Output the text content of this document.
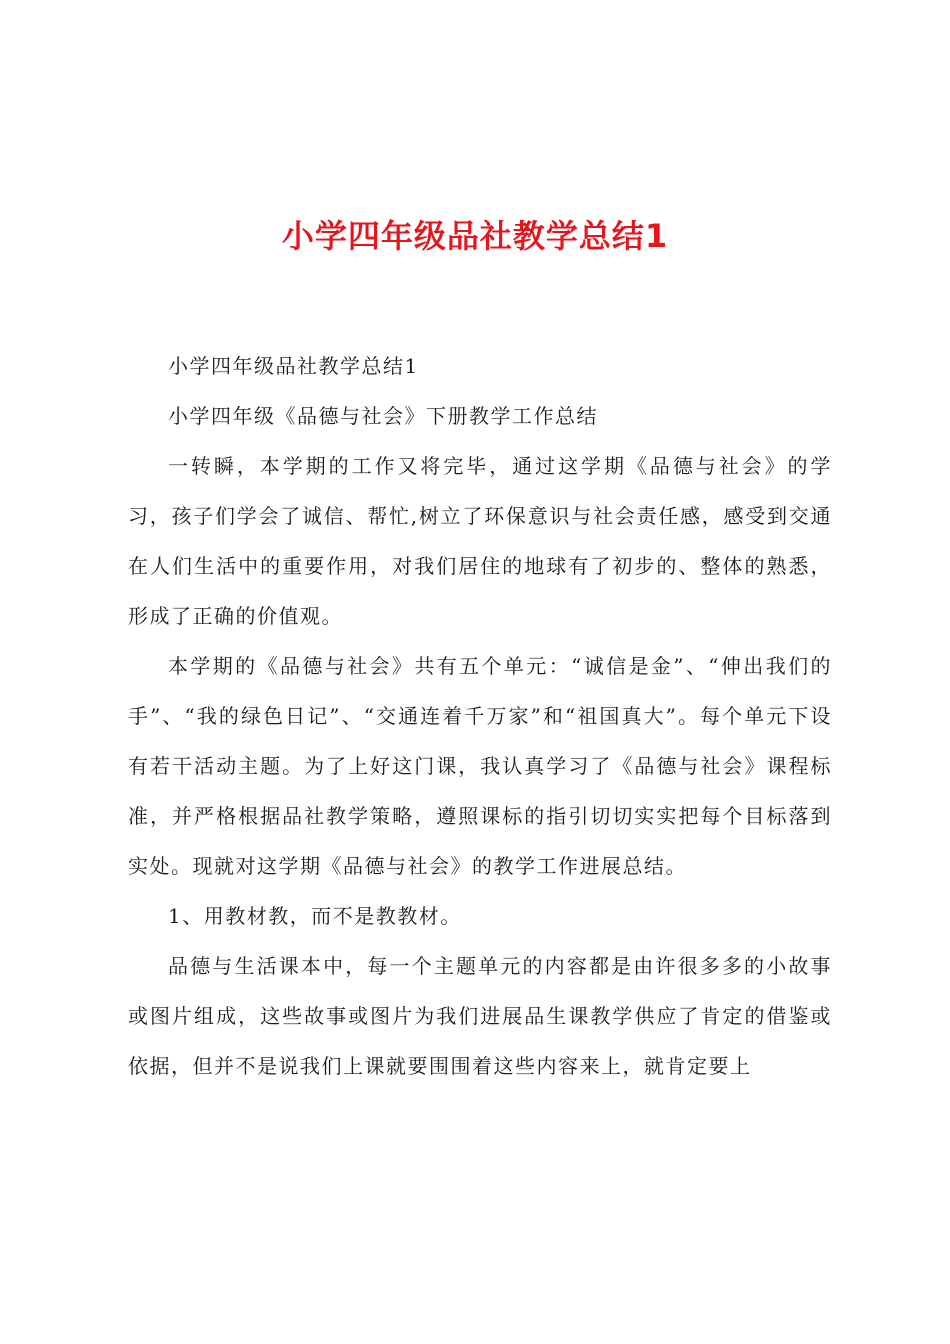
小学四年级品社教学总结1

小学四年级品社教学总结1

小学四年级《品德与社会》下册教学工作总结

一转瞬，本学期的工作又将完毕，通过这学期《品德与社会》的学习，孩子们学会了诚信、帮忙,树立了环保意识与社会责任感，感受到交通在人们生活中的重要作用，对我们居住的地球有了初步的、整体的熟悉，形成了正确的价值观。

本学期的《品德与社会》共有五个单元：“诚信是金”、“伸出我们的手”、“我的绿色日记”、“交通连着千万家”和“祖国真大”。每个单元下设有若干活动主题。为了上好这门课，我认真学习了《品德与社会》课程标准，并严格根据品社教学策略，遵照课标的指引切切实实把每个目标落到实处。现就对这学期《品德与社会》的教学工作进展总结。

1、用教材教，而不是教教材。

品德与生活课本中，每一个主题单元的内容都是由许很多多的小故事或图片组成，这些故事或图片为我们进展品生课教学供应了肯定的借鉴或依据，但并不是说我们上课就要围围着这些内容来上，就肯定要上
